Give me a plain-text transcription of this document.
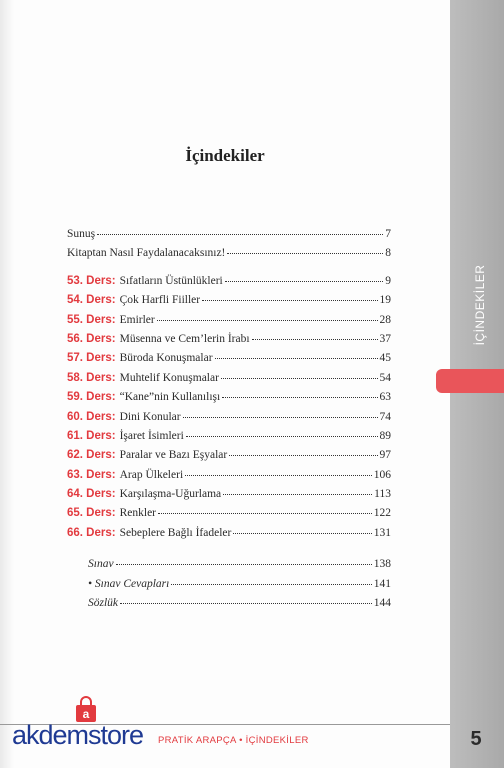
İÇİNDEKİLER
İçindekiler
Sunuş	7
Kitaptan Nasıl Faydalanacaksınız!	8
53. Ders: Sıfatların Üstünlükleri	9
54. Ders: Çok Harfli Fiiller	19
55. Ders: Emirler	28
56. Ders: Müsenna ve Cem’lerin İrabı	37
57. Ders: Büroda Konuşmalar	45
58. Ders: Muhtelif Konuşmalar	54
59. Ders: “Kane”nin Kullanılışı	63
60. Ders: Dini Konular	74
61. Ders: İşaret İsimleri	89
62. Ders: Paralar ve Bazı Eşyalar	97
63. Ders: Arap Ülkeleri	106
64. Ders: Karşılaşma-Uğurlama	113
65. Ders: Renkler	122
66. Ders: Sebeplere Bağlı İfadeler	131
Sınav	138
• Sınav Cevapları	141
Sözlük	144
PRATİK ARAPÇA • İÇİNDEKİLER	5
a
akdemstore
